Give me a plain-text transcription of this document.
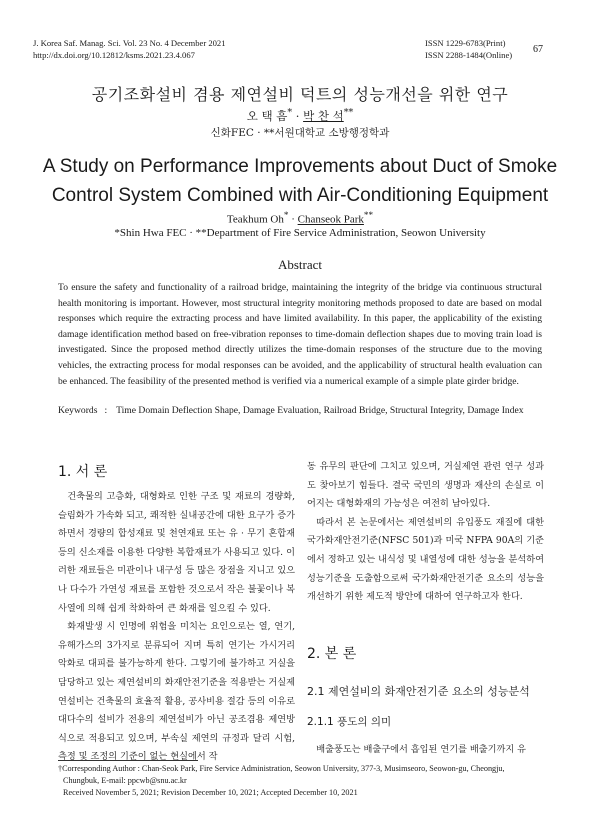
J. Korea Saf. Manag. Sci. Vol. 23 No. 4 December 2021
http://dx.doi.org/10.12812/ksms.2021.23.4.067
ISSN 1229-6783(Print)
ISSN 2288-1484(Online) 67
공기조화설비 겸용 제연설비 덕트의 성능개선을 위한 연구
오 택 흠* · 박 찬 석**
신화FEC · **서원대학교 소방행정학과
A Study on Performance Improvements about Duct of Smoke
Control System Combined with Air-Conditioning Equipment
Teakhum Oh* · Chanseok Park**
*Shin Hwa FEC · **Department of Fire Service Administration, Seowon University
Abstract
To ensure the safety and functionality of a railroad bridge, maintaining the integrity of the bridge via continuous structural health monitoring is important. However, most structural integrity monitoring methods proposed to date are based on modal responses which require the extracting process and have limited availability. In this paper, the applicability of the existing damage identification method based on free-vibration reponses to time-domain deflection shapes due to moving train load is investigated. Since the proposed method directly utilizes the time-domain responses of the structure due to the moving vehicles, the extracting process for modal responses can be avoided, and the applicability of structural health evaluation can be enhanced. The feasibility of the presented method is verified via a numerical example of a simple plate girder bridge.
Keywords : Time Domain Deflection Shape, Damage Evaluation, Railroad Bridge, Structural Integrity, Damage Index
1. 서 론

건축물의 고층화, 대형화로 인한 구조 및 재료의 경량화, 슬림화가 가속화 되고, 쾌적한 실내공간에 대한 요구가 증가하면서 경량의 합성재료 및 천연재료 또는 유 · 무기 혼합재 등의 신소재를 이용한 다양한 복합재료가 사용되고 있다. 이러한 재료들은 미관이나 내구성 등 많은 장점을 지니고 있으나 다수가 가연성 재료를 포함한 것으로서 작은 불꽃이나 복사열에 의해 쉽게 착화하여 큰 화재를 일으킬 수 있다.

화재발생 시 인명에 위험을 미치는 요인으로는 열, 연기, 유해가스의 3가지로 분류되어 지며 특히 연기는 가시거리 악화로 대피를 불가능하게 한다. 그렇기에 불가하고 거실을 담당하고 있는 제연설비의 화재안전기준을 적용받는 거실제연설비는 건축물의 효율적 활용, 공사비용 절감 등의 이유로 대다수의 설비가 전용의 제연설비가 아닌 공조겸용 제연방식으로 적용되고 있으며, 부속실 제연의 규정과 달리 시험, 측정 및 조정의 기준이 없는 현실에서 작

동 유무의 판단에 그치고 있으며, 거실제연 관련 연구 성과도 찾아보기 힘들다. 결국 국민의 생명과 재산의 손실로 이어지는 대형화재의 가능성은 여전히 남아있다.

따라서 본 논문에서는 제연설비의 유입풍도 재질에 대한 국가화재안전기준(NFSC 501)과 미국 NFPA 90A의 기준에서 정하고 있는 내식성 및 내열성에 대한 성능을 분석하여 성능기준을 도출함으로써 국가화재안전기준 요소의 성능을 개선하기 위한 제도적 방안에 대하여 연구하고자 한다.

2. 본 론
2.1 제연설비의 화재안전기준 요소의 성능분석
2.1.1 풍도의 의미
배출풍도는 배출구에서 흡입된 연기를 배출기까지 유
†Corresponding Author : Chan-Seok Park, Fire Service Administration, Seowon University, 377-3, Musimseoro, Seowon-gu, Cheongju,
Chungbuk, E-mail: ppcwb@snu.ac.kr
Received November 5, 2021; Revision December 10, 2021; Accepted December 10, 2021
